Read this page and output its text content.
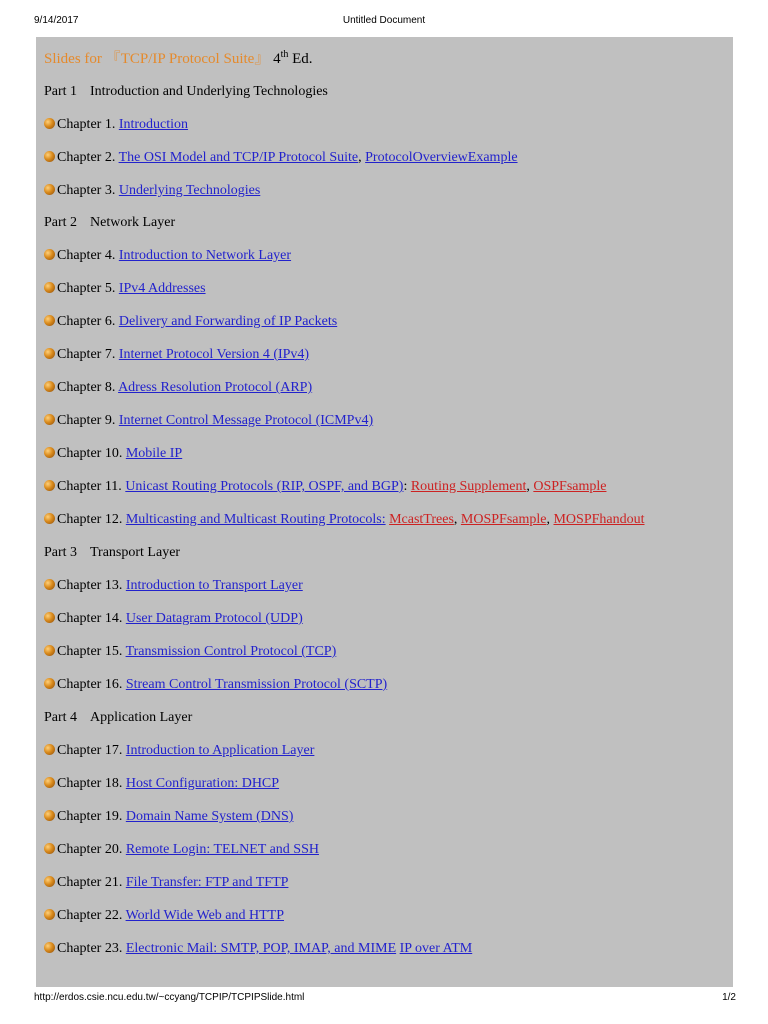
9/14/2017	Untitled Document
Slides for 『TCP/IP Protocol Suite』 4th Ed.
Part 1 Introduction and Underlying Technologies
Chapter 1. Introduction
Chapter 2. The OSI Model and TCP/IP Protocol Suite, ProtocolOverviewExample
Chapter 3. Underlying Technologies
Part 2 Network Layer
Chapter 4. Introduction to Network Layer
Chapter 5. IPv4 Addresses
Chapter 6. Delivery and Forwarding of IP Packets
Chapter 7. Internet Protocol Version 4 (IPv4)
Chapter 8. Adress Resolution Protocol (ARP)
Chapter 9. Internet Control Message Protocol (ICMPv4)
Chapter 10. Mobile IP
Chapter 11. Unicast Routing Protocols (RIP, OSPF, and BGP): Routing Supplement, OSPFsample
Chapter 12. Multicasting and Multicast Routing Protocols: McastTrees, MOSPFsample, MOSPFhandout
Part 3 Transport Layer
Chapter 13. Introduction to Transport Layer
Chapter 14. User Datagram Protocol (UDP)
Chapter 15. Transmission Control Protocol (TCP)
Chapter 16. Stream Control Transmission Protocol (SCTP)
Part 4 Application Layer
Chapter 17. Introduction to Application Layer
Chapter 18. Host Configuration: DHCP
Chapter 19. Domain Name System (DNS)
Chapter 20. Remote Login: TELNET and SSH
Chapter 21. File Transfer: FTP and TFTP
Chapter 22. World Wide Web and HTTP
Chapter 23. Electronic Mail: SMTP, POP, IMAP, and MIME IP over ATM
http://erdos.csie.ncu.edu.tw/~ccyang/TCPIP/TCPIPSlide.html	1/2
